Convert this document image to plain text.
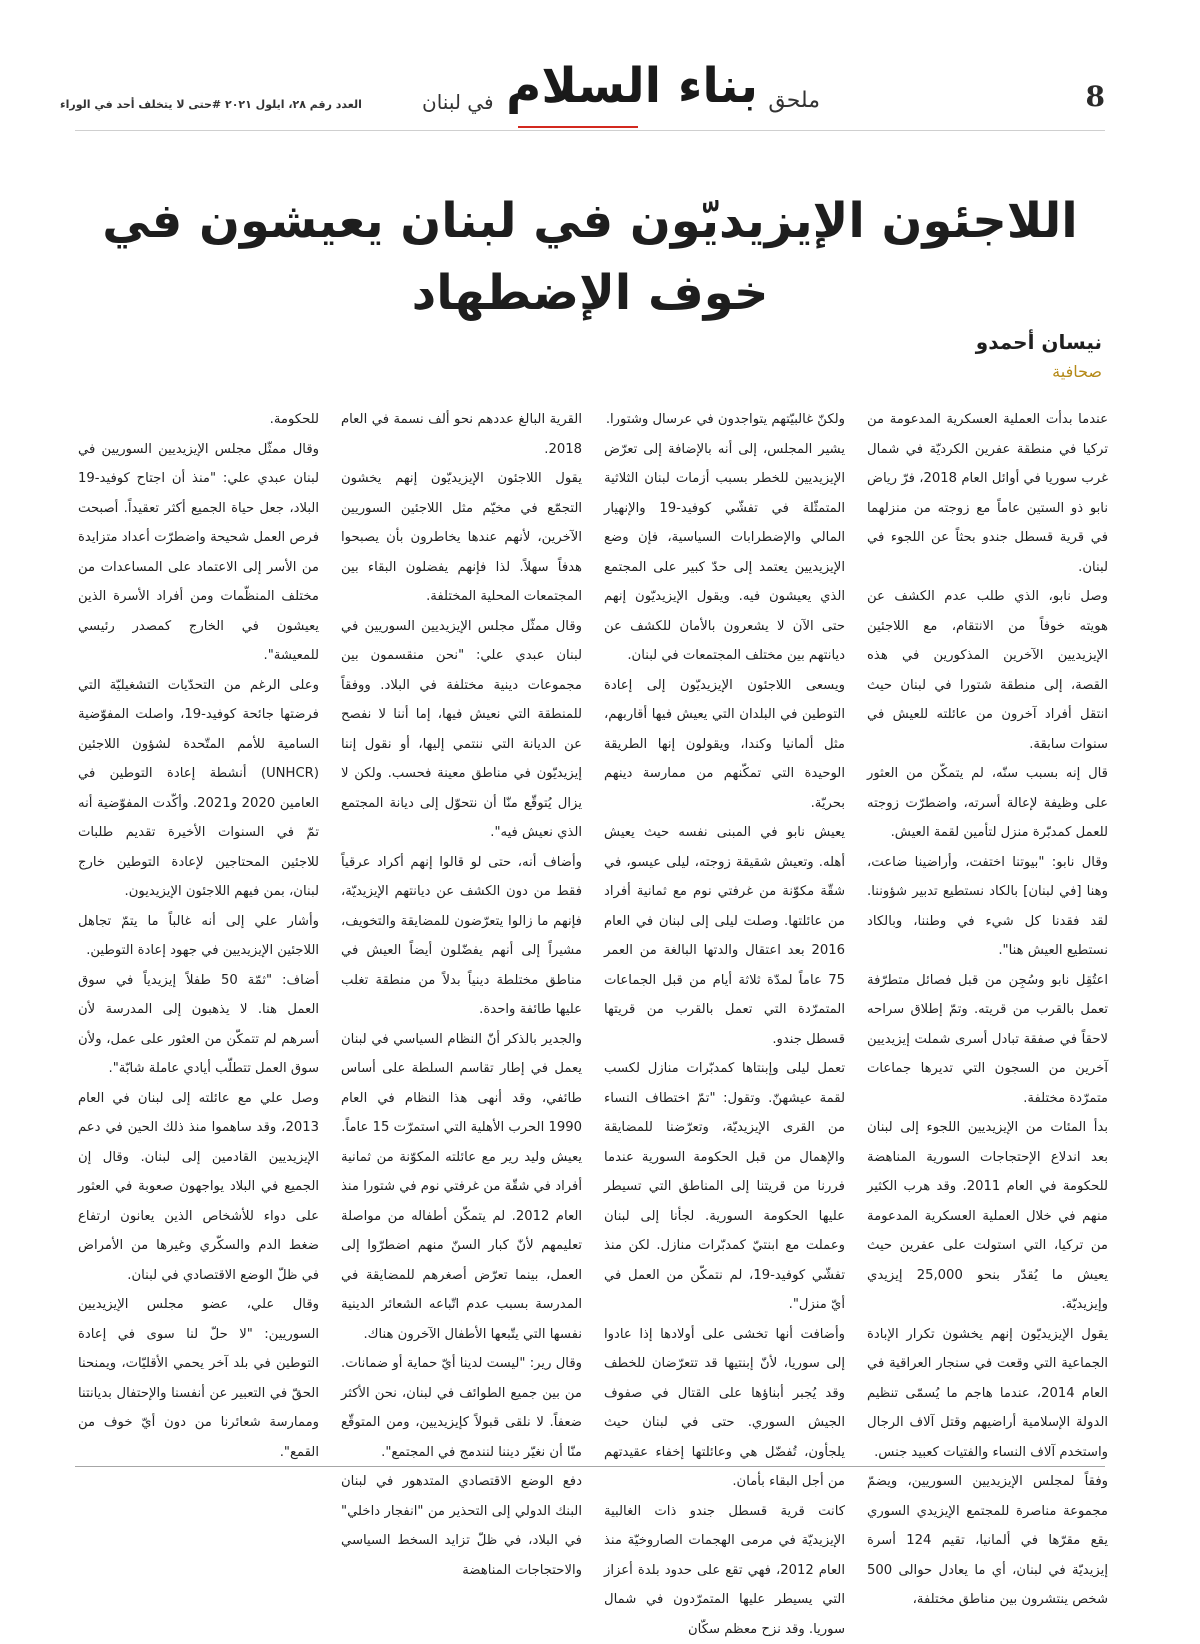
8
ملحق
بناء السلام
في لبنان
العدد رقم ٢٨، ايلول ٢٠٢١ #حتى لا يتخلف أحد في الوراء
اللاجئون الإيزيديّون في لبنان يعيشون في خوف الإضطهاد
نيسان أحمدو
صحافية

عندما بدأت العملية العسكرية المدعومة من تركيا في منطقة عفرين الكرديّة في شمال غرب سوريا في أوائل العام 2018، فرّ رياض نابو ذو الستين عاماً مع زوجته من منزلهما في قرية قسطل جندو بحثاً عن اللجوء في لبنان.

وصل نابو، الذي طلب عدم الكشف عن هويته خوفاً من الانتقام، مع اللاجئين الإيزيديين الآخرين المذكورين في هذه القصة، إلى منطقة شتورا في لبنان حيث انتقل أفراد آخرون من عائلته للعيش في سنوات سابقة.

قال إنه بسبب سنّه، لم يتمكّن من العثور على وظيفة لإعالة أسرته، واضطرّت زوجته للعمل كمدبّرة منزل لتأمين لقمة العيش.

وقال نابو: "بيوتنا اختفت، وأراضينا ضاعت، وهنا [في لبنان] بالكاد نستطيع تدبير شؤوننا. لقد فقدنا كل شيء في وطننا، وبالكاد نستطيع العيش هنا".

اعتُقِل نابو وسُجِن من قبل فصائل متطرّفة تعمل بالقرب من قريته. وتمّ إطلاق سراحه لاحقاً في صفقة تبادل أسرى شملت إيزيديين آخرين من السجون التي تديرها جماعات متمرّدة مختلفة.

بدأ المئات من الإيزيديين اللجوء إلى لبنان بعد اندلاع الإحتجاجات السورية المناهضة للحكومة في العام 2011. وقد هرب الكثير منهم في خلال العملية العسكرية المدعومة من تركيا، التي استولت على عفرين حيث يعيش ما يُقدّر بنحو 25,000 إيزيدي وإيزيديّة.

يقول الإيزيديّون إنهم يخشون تكرار الإبادة الجماعية التي وقعت في سنجار العراقية في العام 2014، عندما هاجم ما يُسمّى تنظيم الدولة الإسلامية أراضيهم وقتل آلاف الرجال واستخدم آلاف النساء والفتيات كعبيد جنس.

وفقاً لمجلس الإيزيديين السوريين، ويضمّ مجموعة مناصرة للمجتمع الإيزيدي السوري يقع مقرّها في ألمانيا، تقيم 124 أسرة إيزيديّة في لبنان، أي ما يعادل حوالى 500 شخص ينتشرون بين مناطق مختلفة،

ولكنّ غالبيّتهم يتواجدون في عرسال وشتورا.

يشير المجلس، إلى أنه بالإضافة إلى تعرّض الإيزيديين للخطر بسبب أزمات لبنان الثلاثية المتمثّلة في تفشّي كوفيد-19 والإنهيار المالي والإضطرابات السياسية، فإن وضع الإيزيديين يعتمد إلى حدّ كبير على المجتمع الذي يعيشون فيه. ويقول الإيزيديّون إنهم حتى الآن لا يشعرون بالأمان للكشف عن ديانتهم بين مختلف المجتمعات في لبنان.

ويسعى اللاجئون الإيزيديّون إلى إعادة التوطين في البلدان التي يعيش فيها أقاربهم، مثل ألمانيا وكندا، ويقولون إنها الطريقة الوحيدة التي تمكّنهم من ممارسة دينهم بحريّة.

يعيش نابو في المبنى نفسه حيث يعيش أهله. وتعيش شقيقة زوجته، ليلى عيسو، في شقّة مكوّنة من غرفتي نوم مع ثمانية أفراد من عائلتها. وصلت ليلى إلى لبنان في العام 2016 بعد اعتقال والدتها البالغة من العمر 75 عاماً لمدّة ثلاثة أيام من قبل الجماعات المتمرّدة التي تعمل بالقرب من قريتها قسطل جندو.

تعمل ليلى وإبنتاها كمدبّرات منازل لكسب لقمة عيشهنّ. وتقول: "تمّ اختطاف النساء من القرى الإيزيديّة، وتعرّضنا للمضايقة والإهمال من قبل الحكومة السورية عندما فررنا من قريتنا إلى المناطق التي تسيطر عليها الحكومة السورية. لجأنا إلى لبنان وعملت مع ابنتيّ كمدبّرات منازل. لكن منذ تفشّي كوفيد-19، لم نتمكّن من العمل في أيّ منزل".

وأضافت أنها تخشى على أولادها إذا عادوا إلى سوريا، لأنّ إبنتيها قد تتعرّضان للخطف وقد يُجبر أبناؤها على القتال في صفوف الجيش السوري. حتى في لبنان حيث يلجأون، تُفضّل هي وعائلتها إخفاء عقيدتهم من أجل البقاء بأمان.

كانت قرية قسطل جندو ذات الغالبية الإيزيديّة في مرمى الهجمات الصاروخيّة منذ العام 2012، فهي تقع على حدود بلدة أعزاز التي يسيطر عليها المتمرّدون في شمال سوريا. وقد نزح معظم سكّان

القرية البالغ عددهم نحو ألف نسمة في العام 2018.

يقول اللاجئون الإيزيديّون إنهم يخشون التجمّع في مخيّم مثل اللاجئين السوريين الآخرين، لأنهم عندها يخاطرون بأن يصبحوا هدفاً سهلاً. لذا فإنهم يفضلون البقاء بين المجتمعات المحلية المختلفة.

وقال ممثّل مجلس الإيزيديين السوريين في لبنان عبدي علي: "نحن منقسمون بين مجموعات دينية مختلفة في البلاد. ووفقاً للمنطقة التي نعيش فيها، إما أننا لا نفصح عن الديانة التي ننتمي إليها، أو نقول إننا إيزيديّون في مناطق معينة فحسب. ولكن لا يزال يُتوقّع منّا أن نتحوّل إلى ديانة المجتمع الذي نعيش فيه".

وأضاف أنه، حتى لو قالوا إنهم أكراد عرقياً فقط من دون الكشف عن ديانتهم الإيزيديّة، فإنهم ما زالوا يتعرّضون للمضايقة والتخويف، مشيراً إلى أنهم يفضّلون أيضاً العيش في مناطق مختلطة دينياً بدلاً من منطقة تغلب عليها طائفة واحدة.

والجدير بالذكر أنّ النظام السياسي في لبنان يعمل في إطار تقاسم السلطة على أساس طائفي، وقد أنهى هذا النظام في العام 1990 الحرب الأهلية التي استمرّت 15 عاماً.

يعيش وليد رير مع عائلته المكوّنة من ثمانية أفراد في شقّة من غرفتي نوم في شتورا منذ العام 2012. لم يتمكّن أطفاله من مواصلة تعليمهم لأنّ كبار السنّ منهم اضطرّوا إلى العمل، بينما تعرّض أصغرهم للمضايقة في المدرسة بسبب عدم اتّباعه الشعائر الدينية نفسها التي يتّبعها الأطفال الآخرون هناك.

وقال رير: "ليست لدينا أيّ حماية أو ضمانات. من بين جميع الطوائف في لبنان، نحن الأكثر ضعفاً. لا نلقى قبولاً كإيزيديين، ومن المتوقّع منّا أن نغيّر ديننا لنندمج في المجتمع".

دفع الوضع الاقتصادي المتدهور في لبنان البنك الدولي إلى التحذير من "انفجار داخلي" في البلاد، في ظلّ تزايد السخط السياسي والاحتجاجات المناهضة

للحكومة.

وقال ممثّل مجلس الإيزيديين السوريين في لبنان عبدي علي: "منذ أن اجتاح كوفيد-19 البلاد، جعل حياة الجميع أكثر تعقيداً. أصبحت فرص العمل شحيحة واضطرّت أعداد متزايدة من الأسر إلى الاعتماد على المساعدات من مختلف المنظّمات ومن أفراد الأسرة الذين يعيشون في الخارج كمصدر رئيسي للمعيشة".

وعلى الرغم من التحدّيات التشغيليّة التي فرضتها جائحة كوفيد-19، واصلت المفوّضية السامية للأمم المتّحدة لشؤون اللاجئين (UNHCR) أنشطة إعادة التوطين في العامين 2020 و2021. وأكّدت المفوّضية أنه تمّ في السنوات الأخيرة تقديم طلبات للاجئين المحتاجين لإعادة التوطين خارج لبنان، بمن فيهم اللاجئون الإيزيديون.

وأشار علي إلى أنه غالباً ما يتمّ تجاهل اللاجئين الإيزيديين في جهود إعادة التوطين.

أضاف: "ثمّة 50 طفلاً إيزيدياً في سوق العمل هنا. لا يذهبون إلى المدرسة لأن أسرهم لم تتمكّن من العثور على عمل، ولأن سوق العمل تتطلّب أيادي عاملة شابّة".

وصل علي مع عائلته إلى لبنان في العام 2013، وقد ساهموا منذ ذلك الحين في دعم الإيزيديين القادمين إلى لبنان. وقال إن الجميع في البلاد يواجهون صعوبة في العثور على دواء للأشخاص الذين يعانون ارتفاع ضغط الدم والسكّري وغيرها من الأمراض في ظلّ الوضع الاقتصادي في لبنان.

وقال علي، عضو مجلس الإيزيديين السوريين: "لا حلّ لنا سوى في إعادة التوطين في بلد آخر يحمي الأقليّات، ويمنحنا الحقّ في التعبير عن أنفسنا والإحتفال بديانتنا وممارسة شعائرنا من دون أيّ خوف من القمع".
